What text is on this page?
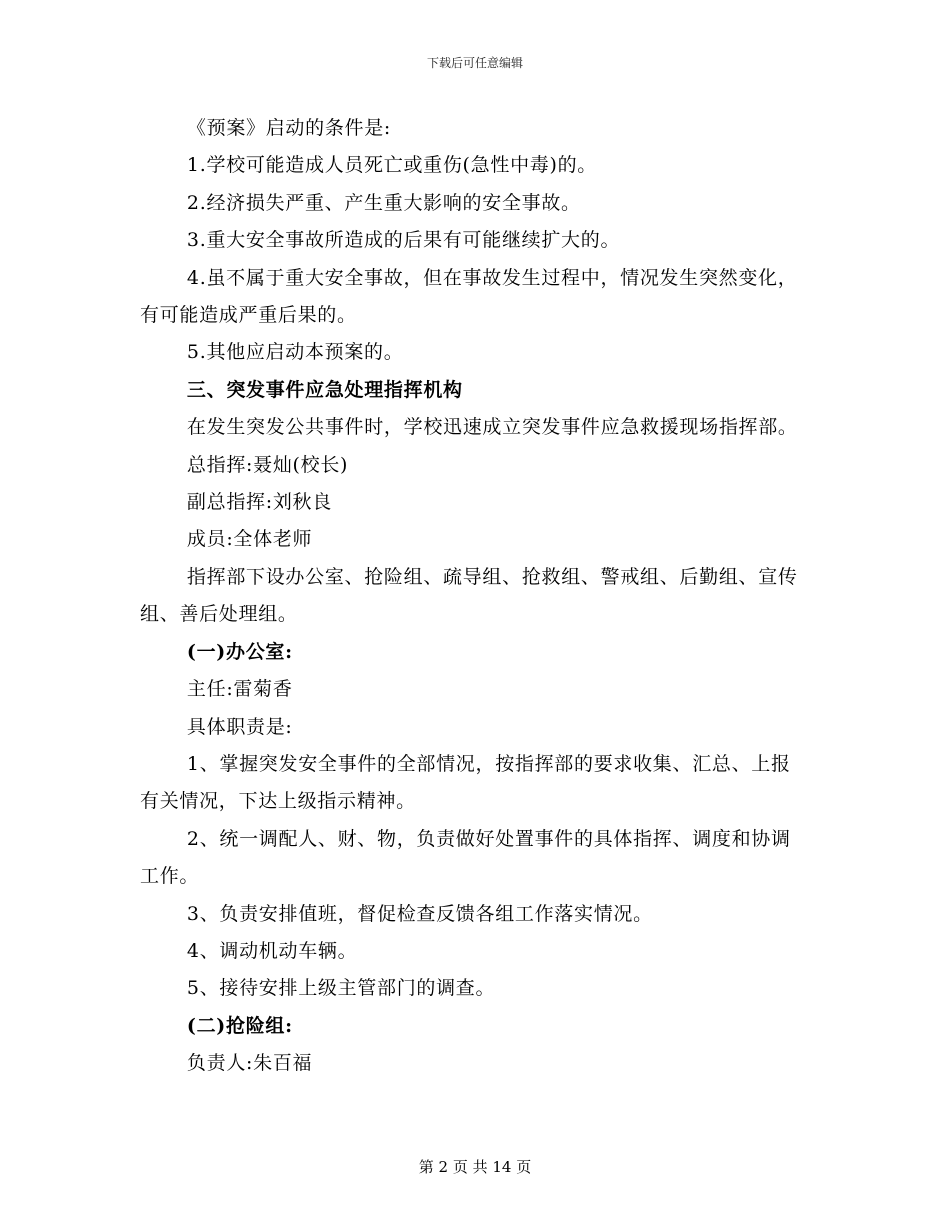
下载后可任意编辑

《预案》启动的条件是:

1.学校可能造成人员死亡或重伤(急性中毒)的。

2.经济损失严重、产生重大影响的安全事故。

3.重大安全事故所造成的后果有可能继续扩大的。

4.虽不属于重大安全事故，但在事故发生过程中，情况发生突然变化，有可能造成严重后果的。

5.其他应启动本预案的。

三、突发事件应急处理指挥机构

在发生突发公共事件时，学校迅速成立突发事件应急救援现场指挥部。

总指挥:聂灿(校长)

副总指挥:刘秋良

成员:全体老师

指挥部下设办公室、抢险组、疏导组、抢救组、警戒组、后勤组、宣传组、善后处理组。

(一)办公室:

主任:雷菊香

具体职责是:

1、掌握突发安全事件的全部情况，按指挥部的要求收集、汇总、上报有关情况，下达上级指示精神。

2、统一调配人、财、物，负责做好处置事件的具体指挥、调度和协调工作。

3、负责安排值班，督促检查反馈各组工作落实情况。

4、调动机动车辆。

5、接待安排上级主管部门的调查。

(二)抢险组:

负责人:朱百福

第 2 页 共 14 页
